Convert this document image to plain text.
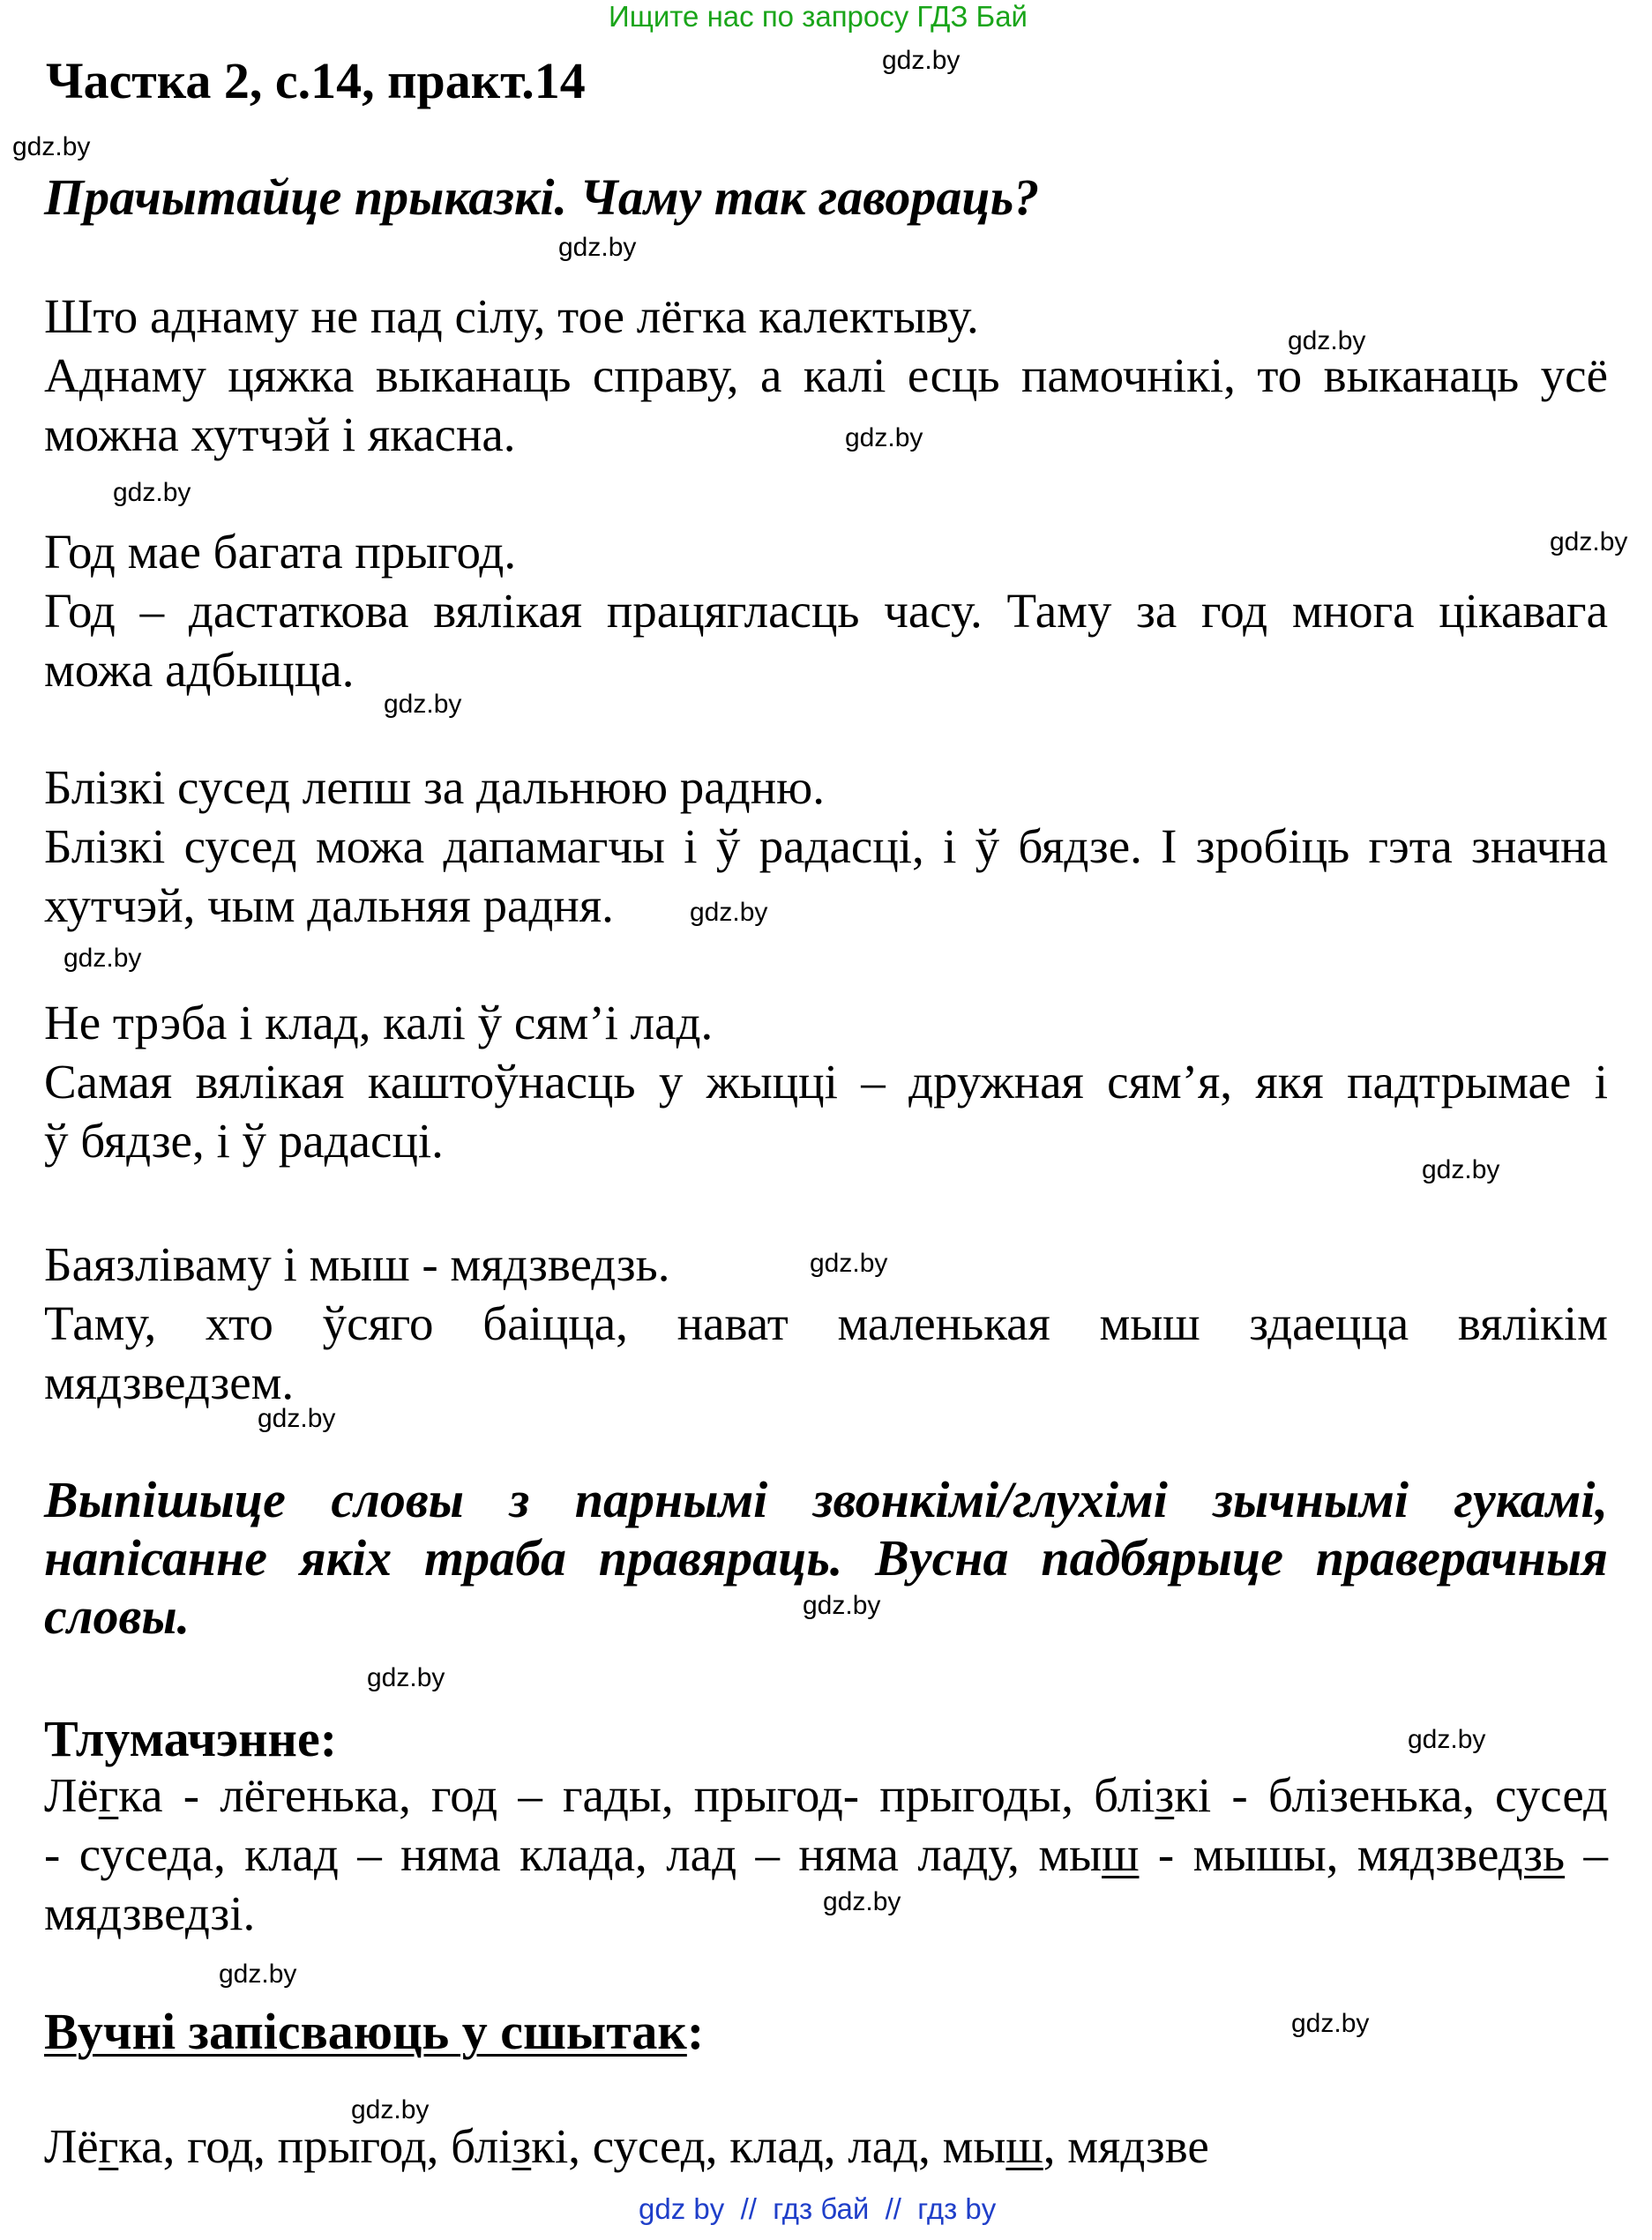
Ищите нас по запросу ГДЗ Бай
Частка 2, с.14, практ.14
Прачытайце прыказкі. Чаму так гавораць?
Што аднаму не пад сілу, тое лёгка калектыву.
Аднаму цяжка выканаць справу, а калі есць памочнікі, то выканаць усё
можна хутчэй і якасна.
Год мае багата прыгод.
Год – дастаткова вялікая працягласць часу. Таму за год многа цікавага
можа адбыцца.
Блізкі сусед лепш за дальнюю радню.
Блізкі сусед можа дапамагчы і ў радасці, і ў бядзе. І зробіць гэта значна
хутчэй, чым дальняя радня.
Не трэба і клад, калі ў сям’і лад.
Самая вялікая каштоўнасць у жыцці – дружная сям’я, якя падтрымае і
ў бядзе, і ў радасці.
Баязліваму і мыш - мядзведзь.
Таму, хто ўсяго баіцца, нават маленькая мыш здаецца вялікім
мядзведзем.
Выпішыце словы з парнымі звонкімі/глухімі зычнымі гукамі,
напісанне якіх траба правяраць. Вусна падбярыце праверачныя
словы.
Тлумачэнне:
Лёгка - лёгенька, год – гады, прыгод- прыгоды, блізкі - блізенька, сусед
- суседа, клад – няма клада, лад – няма ладу, мыш - мышы, мядзведзь –
мядзведзі.
Вучні запісваюць у сшытак:
Лёгка, год, прыгод, блізкі, сусед, клад, лад, мыш, мядзве
gdz.by
gdz.by
gdz.by
gdz.by
gdz.by
gdz.by
gdz.by
gdz.by
gdz.by
gdz.by
gdz.by
gdz.by
gdz.by
gdz.by
gdz.by
gdz.by
gdz.by
gdz.by
gdz.by
gdz.by
gdz by  //  гдз бай  //  гдз by
